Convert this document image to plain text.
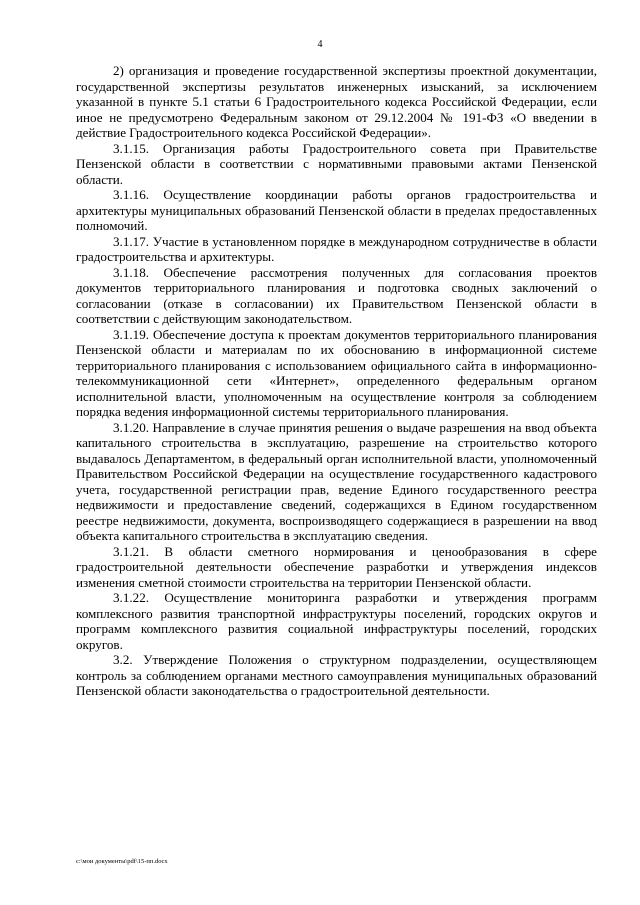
4

2) организация и проведение государственной экспертизы проектной документации, государственной экспертизы результатов инженерных изысканий, за исключением указанной в пункте 5.1 статьи 6 Градостроительного кодекса Российской Федерации, если иное не предусмотрено Федеральным законом от 29.12.2004 № 191-ФЗ «О введении в действие Градостроительного кодекса Российской Федерации».

3.1.15. Организация работы Градостроительного совета при Правительстве Пензенской области в соответствии с нормативными правовыми актами Пензенской области.

3.1.16. Осуществление координации работы органов градостроительства и архитектуры муниципальных образований Пензенской области в пределах предоставленных полномочий.

3.1.17. Участие в установленном порядке в международном сотрудничестве в области градостроительства и архитектуры.

3.1.18. Обеспечение рассмотрения полученных для согласования проектов документов территориального планирования и подготовка сводных заключений о согласовании (отказе в согласовании) их Правительством Пензенской области в соответствии с действующим законодательством.

3.1.19. Обеспечение доступа к проектам документов территориального планирования Пензенской области и материалам по их обоснованию в информационной системе территориального планирования с использованием официального сайта в информационно-телекоммуникационной сети «Интернет», определенного федеральным органом исполнительной власти, уполномоченным на осуществление контроля за соблюдением порядка ведения информационной системы территориального планирования.

3.1.20. Направление в случае принятия решения о выдаче разрешения на ввод объекта капитального строительства в эксплуатацию, разрешение на строительство которого выдавалось Департаментом, в федеральный орган исполнительной власти, уполномоченный Правительством Российской Федерации на осуществление государственного кадастрового учета, государственной регистрации прав, ведение Единого государственного реестра недвижимости и предоставление сведений, содержащихся в Едином государственном реестре недвижимости, документа, воспроизводящего содержащиеся в разрешении на ввод объекта капитального строительства в эксплуатацию сведения.

3.1.21. В области сметного нормирования и ценообразования в сфере градостроительной деятельности обеспечение разработки и утверждения индексов изменения сметной стоимости строительства на территории Пензенской области.

3.1.22. Осуществление мониторинга разработки и утверждения программ комплексного развития транспортной инфраструктуры поселений, городских округов и программ комплексного развития социальной инфраструктуры поселений, городских округов.

3.2. Утверждение Положения о структурном подразделении, осуществляющем контроль за соблюдением органами местного самоуправления муниципальных образований Пензенской области законодательства о градостроительной деятельности.

c:\мои документы\pdf\15-пп.docx
